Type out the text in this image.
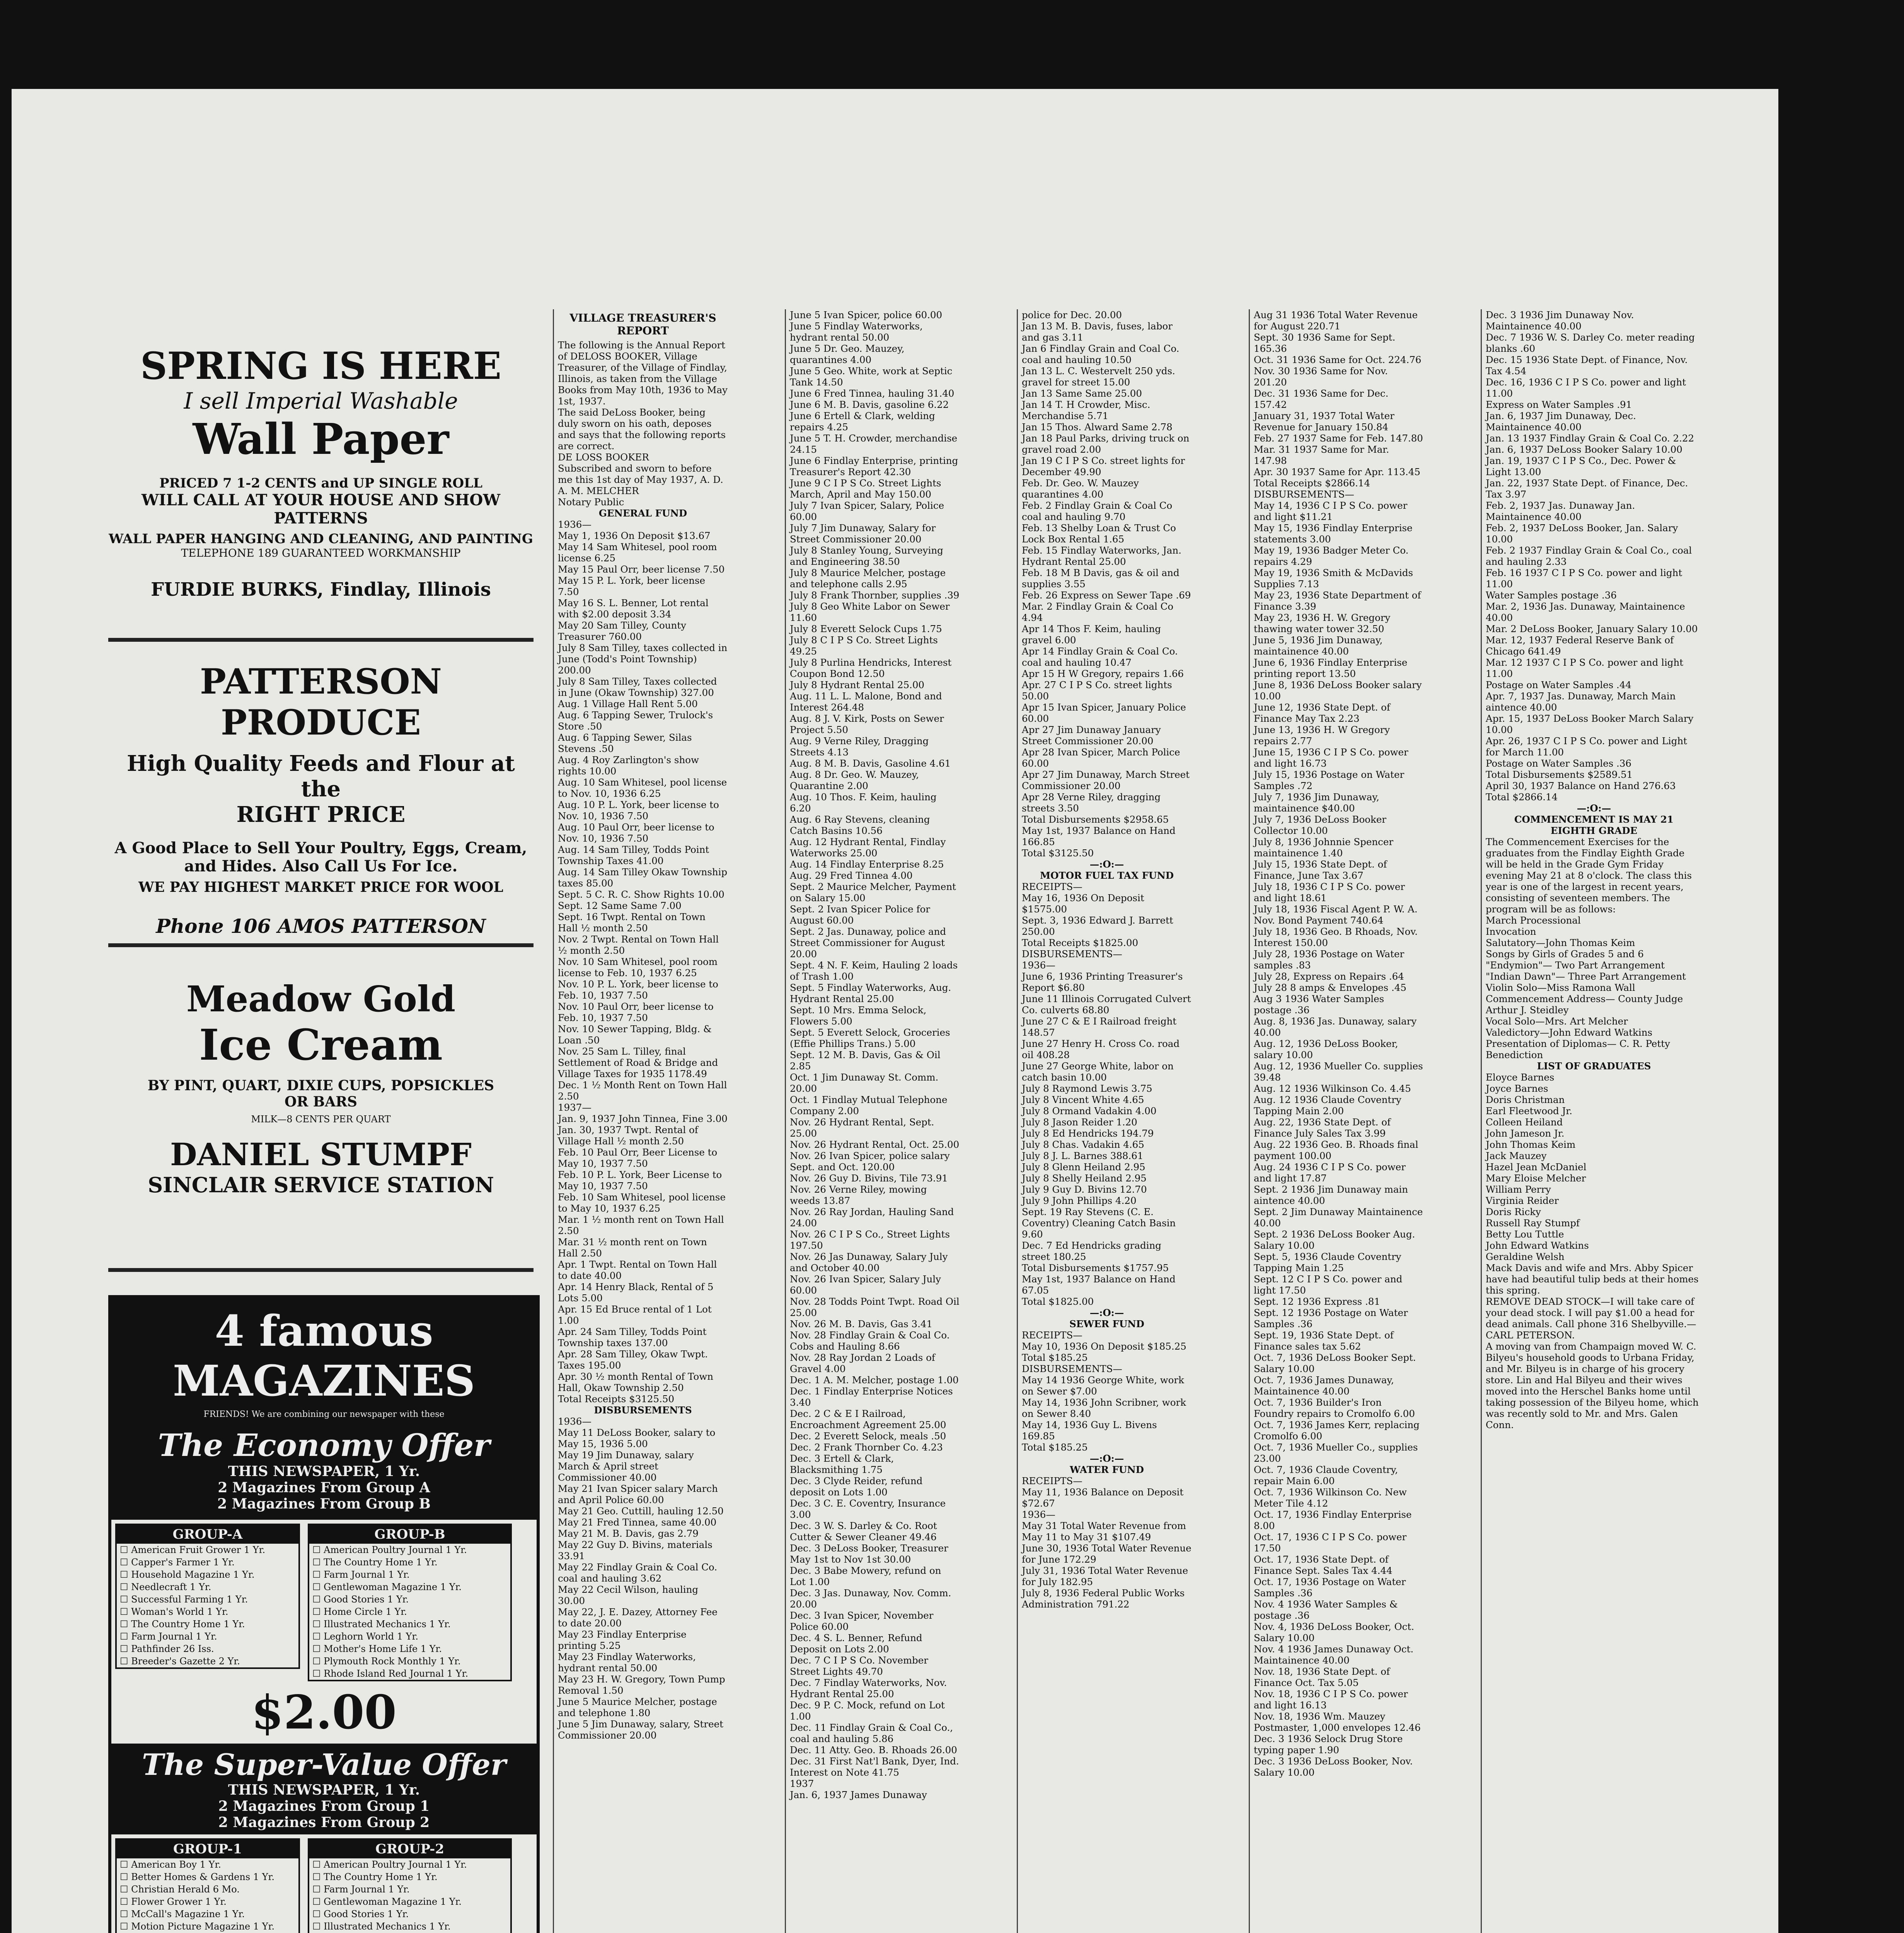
SPRING IS HERE
I sell Imperial Washable
Wall Paper
PRICED 7 1-2 CENTS and UP SINGLE ROLL
WILL CALL AT YOUR HOUSE AND SHOW PATTERNS
WALL PAPER HANGING AND CLEANING, AND PAINTING
TELEPHONE 189 GUARANTEED WORKMANSHIP
FURDIE BURKS, Findlay, Illinois
PATTERSON PRODUCE
High Quality Feeds and Flour at the
RIGHT PRICE
A Good Place to Sell Your Poultry, Eggs, Cream,
and Hides. Also Call Us For Ice.
WE PAY HIGHEST MARKET PRICE FOR WOOL
Phone 106 AMOS PATTERSON
Meadow Gold
Ice Cream
BY PINT, QUART, DIXIE CUPS, POPSICKLES
OR BARS
MILK—8 CENTS PER QUART
DANIEL STUMPF
SINCLAIR SERVICE STATION
4 famous MAGAZINES
FRIENDS! We are combining our newspaper with these
The Economy Offer
THIS NEWSPAPER, 1 Yr.
2 Magazines From Group A
2 Magazines From Group B
GROUP-A
☐ American Fruit Grower 1 Yr.
☐ Capper's Farmer 1 Yr.
☐ Household Magazine 1 Yr.
☐ Needlecraft 1 Yr.
☐ Successful Farming 1 Yr.
☐ Woman's World 1 Yr.
☐ The Country Home 1 Yr.
☐ Farm Journal 1 Yr.
☐ Pathfinder 26 Iss.
☐ Breeder's Gazette 2 Yr.
GROUP-B
☐ American Poultry Journal 1 Yr.
☐ The Country Home 1 Yr.
☐ Farm Journal 1 Yr.
☐ Gentlewoman Magazine 1 Yr.
☐ Good Stories 1 Yr.
☐ Home Circle 1 Yr.
☐ Illustrated Mechanics 1 Yr.
☐ Leghorn World 1 Yr.
☐ Mother's Home Life 1 Yr.
☐ Plymouth Rock Monthly 1 Yr.
☐ Rhode Island Red Journal 1 Yr.
$2.00
The Super-Value Offer
THIS NEWSPAPER, 1 Yr.
2 Magazines From Group 1
2 Magazines From Group 2
GROUP-1
☐ American Boy 1 Yr.
☐ Better Homes & Gardens 1 Yr.
☐ Christian Herald 6 Mo.
☐ Flower Grower 1 Yr.
☐ McCall's Magazine 1 Yr.
☐ Motion Picture Magazine 1 Yr.
GROUP-2
☐ American Poultry Journal 1 Yr.
☐ The Country Home 1 Yr.
☐ Farm Journal 1 Yr.
☐ Gentlewoman Magazine 1 Yr.
☐ Good Stories 1 Yr.
☐ Illustrated Mechanics 1 Yr.
VILLAGE TREASURER'S REPORT

The following is the Annual Report of DELOSS BOOKER, Village Treasurer, of the Village of Findlay, Illinois, as taken from the Village Books from May 10th, 1936 to May 1st, 1937.

The said DeLoss Booker, being duly sworn on his oath, deposes and says that the following reports are correct.

DE LOSS BOOKER

Subscribed and sworn to before me this 1st day of May 1937, A. D.

A. M. MELCHER

Notary Public

GENERAL FUND

1936—

May 1, 1936 On Deposit $13.67

May 14 Sam Whitesel, pool room license 6.25

May 15 Paul Orr, beer license 7.50

May 15 P. L. York, beer license 7.50

May 16 S. L. Benner, Lot rental with $2.00 deposit 3.34

May 20 Sam Tilley, County Treasurer 760.00

July 8 Sam Tilley, taxes collected in June (Todd's Point Township) 200.00

July 8 Sam Tilley, Taxes collected in June (Okaw Township) 327.00

Aug. 1 Village Hall Rent 5.00

Aug. 6 Tapping Sewer, Trulock's Store .50

Aug. 6 Tapping Sewer, Silas Stevens .50

Aug. 4 Roy Zarlington's show rights 10.00

Aug. 10 Sam Whitesel, pool license to Nov. 10, 1936 6.25

Aug. 10 P. L. York, beer license to Nov. 10, 1936 7.50

Aug. 10 Paul Orr, beer license to Nov. 10, 1936 7.50

Aug. 14 Sam Tilley, Todds Point Township Taxes 41.00

Aug. 14 Sam Tilley Okaw Township taxes 85.00

Sept. 5 C. R. C. Show Rights 10.00

Sept. 12 Same Same 7.00

Sept. 16 Twpt. Rental on Town Hall ½ month 2.50

Nov. 2 Twpt. Rental on Town Hall ½ month 2.50

Nov. 10 Sam Whitesel, pool room license to Feb. 10, 1937 6.25

Nov. 10 P. L. York, beer license to Feb. 10, 1937 7.50

Nov. 10 Paul Orr, beer license to Feb. 10, 1937 7.50

Nov. 10 Sewer Tapping, Bldg. & Loan .50

Nov. 25 Sam L. Tilley, final Settlement of Road & Bridge and Village Taxes for 1935 1178.49

Dec. 1 ½ Month Rent on Town Hall 2.50

1937—

Jan. 9, 1937 John Tinnea, Fine 3.00

Jan. 30, 1937 Twpt. Rental of Village Hall ½ month 2.50

Feb. 10 Paul Orr, Beer License to May 10, 1937 7.50

Feb. 10 P. L. York, Beer License to May 10, 1937 7.50

Feb. 10 Sam Whitesel, pool license to May 10, 1937 6.25

Mar. 1 ½ month rent on Town Hall 2.50

Mar. 31 ½ month rent on Town Hall 2.50

Apr. 1 Twpt. Rental on Town Hall to date 40.00

Apr. 14 Henry Black, Rental of 5 Lots 5.00

Apr. 15 Ed Bruce rental of 1 Lot 1.00

Apr. 24 Sam Tilley, Todds Point Township taxes 137.00

Apr. 28 Sam Tilley, Okaw Twpt. Taxes 195.00

Apr. 30 ½ month Rental of Town Hall, Okaw Township 2.50

Total Receipts $3125.50

DISBURSEMENTS

1936—

May 11 DeLoss Booker, salary to May 15, 1936 5.00

May 19 Jim Dunaway, salary March & April street Commissioner 40.00

May 21 Ivan Spicer salary March and April Police 60.00

May 21 Geo. Cuttill, hauling 12.50

May 21 Fred Tinnea, same 40.00

May 21 M. B. Davis, gas 2.79

May 22 Guy D. Bivins, materials 33.91

May 22 Findlay Grain & Coal Co. coal and hauling 3.62

May 22 Cecil Wilson, hauling 30.00

May 22, J. E. Dazey, Attorney Fee to date 20.00

May 23 Findlay Enterprise printing 5.25

May 23 Findlay Waterworks, hydrant rental 50.00

May 23 H. W. Gregory, Town Pump Removal 1.50

June 5 Maurice Melcher, postage and telephone 1.80

June 5 Jim Dunaway, salary, Street Commissioner 20.00

June 5 Ivan Spicer, police 60.00

June 5 Findlay Waterworks, hydrant rental 50.00

June 5 Dr. Geo. Mauzey, quarantines 4.00

June 5 Geo. White, work at Septic Tank 14.50

June 6 Fred Tinnea, hauling 31.40

June 6 M. B. Davis, gasoline 6.22

June 6 Ertell & Clark, welding repairs 4.25

June 5 T. H. Crowder, merchandise 24.15

June 6 Findlay Enterprise, printing Treasurer's Report 42.30

June 9 C I P S Co. Street Lights March, April and May 150.00

July 7 Ivan Spicer, Salary, Police 60.00

July 7 Jim Dunaway, Salary for Street Commissioner 20.00

July 8 Stanley Young, Surveying and Engineering 38.50

July 8 Maurice Melcher, postage and telephone calls 2.95

July 8 Frank Thornber, supplies .39

July 8 Geo White Labor on Sewer 11.60

July 8 Everett Selock Cups 1.75

July 8 C I P S Co. Street Lights 49.25

July 8 Purlina Hendricks, Interest Coupon Bond 12.50

July 8 Hydrant Rental 25.00

Aug. 11 L. L. Malone, Bond and Interest 264.48

Aug. 8 J. V. Kirk, Posts on Sewer Project 5.50

Aug. 9 Verne Riley, Dragging Streets 4.13

Aug. 8 M. B. Davis, Gasoline 4.61

Aug. 8 Dr. Geo. W. Mauzey, Quarantine 2.00

Aug. 10 Thos. F. Keim, hauling 6.20

Aug. 6 Ray Stevens, cleaning Catch Basins 10.56

Aug. 12 Hydrant Rental, Findlay Waterworks 25.00

Aug. 14 Findlay Enterprise 8.25

Aug. 29 Fred Tinnea 4.00

Sept. 2 Maurice Melcher, Payment on Salary 15.00

Sept. 2 Ivan Spicer Police for August 60.00

Sept. 2 Jas. Dunaway, police and Street Commissioner for August 20.00

Sept. 4 N. F. Keim, Hauling 2 loads of Trash 1.00

Sept. 5 Findlay Waterworks, Aug. Hydrant Rental 25.00

Sept. 10 Mrs. Emma Selock, Flowers 5.00

Sept. 5 Everett Selock, Groceries (Effie Phillips Trans.) 5.00

Sept. 12 M. B. Davis, Gas & Oil 2.85

Oct. 1 Jim Dunaway St. Comm. 20.00

Oct. 1 Findlay Mutual Telephone Company 2.00

Nov. 26 Hydrant Rental, Sept. 25.00

Nov. 26 Hydrant Rental, Oct. 25.00

Nov. 26 Ivan Spicer, police salary Sept. and Oct. 120.00

Nov. 26 Guy D. Bivins, Tile 73.91

Nov. 26 Verne Riley, mowing weeds 13.87

Nov. 26 Ray Jordan, Hauling Sand 24.00

Nov. 26 C I P S Co., Street Lights 197.50

Nov. 26 Jas Dunaway, Salary July and October 40.00

Nov. 26 Ivan Spicer, Salary July 60.00

Nov. 28 Todds Point Twpt. Road Oil 25.00

Nov. 26 M. B. Davis, Gas 3.41

Nov. 28 Findlay Grain & Coal Co. Cobs and Hauling 8.66

Nov. 28 Ray Jordan 2 Loads of Gravel 4.00

Dec. 1 A. M. Melcher, postage 1.00

Dec. 1 Findlay Enterprise Notices 3.40

Dec. 2 C & E I Railroad, Encroachment Agreement 25.00

Dec. 2 Everett Selock, meals .50

Dec. 2 Frank Thornber Co. 4.23

Dec. 3 Ertell & Clark, Blacksmithing 1.75

Dec. 3 Clyde Reider, refund deposit on Lots 1.00

Dec. 3 C. E. Coventry, Insurance 3.00

Dec. 3 W. S. Darley & Co. Root Cutter & Sewer Cleaner 49.46

Dec. 3 DeLoss Booker, Treasurer May 1st to Nov 1st 30.00

Dec. 3 Babe Mowery, refund on Lot 1.00

Dec. 3 Jas. Dunaway, Nov. Comm. 20.00

Dec. 3 Ivan Spicer, November Police 60.00

Dec. 4 S. L. Benner, Refund Deposit on Lots 2.00

Dec. 7 C I P S Co. November Street Lights 49.70

Dec. 7 Findlay Waterworks, Nov. Hydrant Rental 25.00

Dec. 9 P. C. Mock, refund on Lot 1.00

Dec. 11 Findlay Grain & Coal Co., coal and hauling 5.86

Dec. 11 Atty. Geo. B. Rhoads 26.00

Dec. 31 First Nat'l Bank, Dyer, Ind. Interest on Note 41.75

1937

Jan. 6, 1937 James Dunaway

police for Dec. 20.00

Jan 13 M. B. Davis, fuses, labor and gas 3.11

Jan 6 Findlay Grain and Coal Co. coal and hauling 10.50

Jan 13 L. C. Westervelt 250 yds. gravel for street 15.00

Jan 13 Same Same 25.00

Jan 14 T. H Crowder, Misc. Merchandise 5.71

Jan 15 Thos. Alward Same 2.78

Jan 18 Paul Parks, driving truck on gravel road 2.00

Jan 19 C I P S Co. street lights for December 49.90

Feb. Dr. Geo. W. Mauzey quarantines 4.00

Feb. 2 Findlay Grain & Coal Co coal and hauling 9.70

Feb. 13 Shelby Loan & Trust Co Lock Box Rental 1.65

Feb. 15 Findlay Waterworks, Jan. Hydrant Rental 25.00

Feb. 18 M B Davis, gas & oil and supplies 3.55

Feb. 26 Express on Sewer Tape .69

Mar. 2 Findlay Grain & Coal Co 4.94

Apr 14 Thos F. Keim, hauling gravel 6.00

Apr 14 Findlay Grain & Coal Co. coal and hauling 10.47

Apr 15 H W Gregory, repairs 1.66

Apr. 27 C I P S Co. street lights 50.00

Apr 15 Ivan Spicer, January Police 60.00

Apr 27 Jim Dunaway January Street Commissioner 20.00

Apr 28 Ivan Spicer, March Police 60.00

Apr 27 Jim Dunaway, March Street Commissioner 20.00

Apr 28 Verne Riley, dragging streets 3.50

Total Disbursements $2958.65

May 1st, 1937 Balance on Hand 166.85

Total $3125.50

—:O:—

MOTOR FUEL TAX FUND

RECEIPTS—

May 16, 1936 On Deposit $1575.00

Sept. 3, 1936 Edward J. Barrett 250.00

Total Receipts $1825.00

DISBURSEMENTS—

1936—

June 6, 1936 Printing Treasurer's Report $6.80

June 11 Illinois Corrugated Culvert Co. culverts 68.80

June 27 C & E I Railroad freight 148.57

June 27 Henry H. Cross Co. road oil 408.28

June 27 George White, labor on catch basin 10.00

July 8 Raymond Lewis 3.75

July 8 Vincent White 4.65

July 8 Ormand Vadakin 4.00

July 8 Jason Reider 1.20

July 8 Ed Hendricks 194.79

July 8 Chas. Vadakin 4.65

July 8 J. L. Barnes 388.61

July 8 Glenn Heiland 2.95

July 8 Shelly Heiland 2.95

July 9 Guy D. Bivins 12.70

July 9 John Phillips 4.20

Sept. 19 Ray Stevens (C. E. Coventry) Cleaning Catch Basin 9.60

Dec. 7 Ed Hendricks grading street 180.25

Total Disbursements $1757.95

May 1st, 1937 Balance on Hand 67.05

Total $1825.00

—:O:—

SEWER FUND

RECEIPTS—

May 10, 1936 On Deposit $185.25

Total $185.25

DISBURSEMENTS—

May 14 1936 George White, work on Sewer $7.00

May 14, 1936 John Scribner, work on Sewer 8.40

May 14, 1936 Guy L. Bivens 169.85

Total $185.25

—:O:—

WATER FUND

RECEIPTS—

May 11, 1936 Balance on Deposit $72.67

1936—

May 31 Total Water Revenue from May 11 to May 31 $107.49

June 30, 1936 Total Water Revenue for June 172.29

July 31, 1936 Total Water Revenue for July 182.95

July 8, 1936 Federal Public Works Administration 791.22

Aug 31 1936 Total Water Revenue for August 220.71

Sept. 30 1936 Same for Sept. 165.36

Oct. 31 1936 Same for Oct. 224.76

Nov. 30 1936 Same for Nov. 201.20

Dec. 31 1936 Same for Dec. 157.42

January 31, 1937 Total Water Revenue for January 150.84

Feb. 27 1937 Same for Feb. 147.80

Mar. 31 1937 Same for Mar. 147.98

Apr. 30 1937 Same for Apr. 113.45

Total Receipts $2866.14

DISBURSEMENTS—

May 14, 1936 C I P S Co. power and light $11.21

May 15, 1936 Findlay Enterprise statements 3.00

May 19, 1936 Badger Meter Co. repairs 4.29

May 19, 1936 Smith & McDavids Supplies 7.13

May 23, 1936 State Department of Finance 3.39

May 23, 1936 H. W. Gregory thawing water tower 32.50

June 5, 1936 Jim Dunaway, maintainence 40.00

June 6, 1936 Findlay Enterprise printing report 13.50

June 8, 1936 DeLoss Booker salary 10.00

June 12, 1936 State Dept. of Finance May Tax 2.23

June 13, 1936 H. W Gregory repairs 2.77

June 15, 1936 C I P S Co. power and light 16.73

July 15, 1936 Postage on Water Samples .72

July 7, 1936 Jim Dunaway, maintainence $40.00

July 7, 1936 DeLoss Booker Collector 10.00

July 8, 1936 Johnnie Spencer maintainence 1.40

July 15, 1936 State Dept. of Finance, June Tax 3.67

July 18, 1936 C I P S Co. power and light 18.61

July 18, 1936 Fiscal Agent P. W. A. Nov. Bond Payment 740.64

July 18, 1936 Geo. B Rhoads, Nov. Interest 150.00

July 28, 1936 Postage on Water samples .83

July 28, Express on Repairs .64

July 28 8 amps & Envelopes .45

Aug 3 1936 Water Samples postage .36

Aug. 8, 1936 Jas. Dunaway, salary 40.00

Aug. 12, 1936 DeLoss Booker, salary 10.00

Aug. 12, 1936 Mueller Co. supplies 39.48

Aug. 12 1936 Wilkinson Co. 4.45

Aug. 12 1936 Claude Coventry Tapping Main 2.00

Aug. 22, 1936 State Dept. of Finance July Sales Tax 3.99

Aug. 22 1936 Geo. B. Rhoads final payment 100.00

Aug. 24 1936 C I P S Co. power and light 17.87

Sept. 2 1936 Jim Dunaway main aintence 40.00

Sept. 2 Jim Dunaway Maintainence 40.00

Sept. 2 1936 DeLoss Booker Aug. Salary 10.00

Sept. 5, 1936 Claude Coventry Tapping Main 1.25

Sept. 12 C I P S Co. power and light 17.50

Sept. 12 1936 Express .81

Sept. 12 1936 Postage on Water Samples .36

Sept. 19, 1936 State Dept. of Finance sales tax 5.62

Oct. 7, 1936 DeLoss Booker Sept. Salary 10.00

Oct. 7, 1936 James Dunaway, Maintainence 40.00

Oct. 7, 1936 Builder's Iron Foundry repairs to Cromolfo 6.00

Oct. 7, 1936 James Kerr, replacing Cromolfo 6.00

Oct. 7, 1936 Mueller Co., supplies 23.00

Oct. 7, 1936 Claude Coventry, repair Main 6.00

Oct. 7, 1936 Wilkinson Co. New Meter Tile 4.12

Oct. 17, 1936 Findlay Enterprise 8.00

Oct. 17, 1936 C I P S Co. power 17.50

Oct. 17, 1936 State Dept. of Finance Sept. Sales Tax 4.44

Oct. 17, 1936 Postage on Water Samples .36

Nov. 4 1936 Water Samples & postage .36

Nov. 4, 1936 DeLoss Booker, Oct. Salary 10.00

Nov. 4 1936 James Dunaway Oct. Maintainence 40.00

Nov. 18, 1936 State Dept. of Finance Oct. Tax 5.05

Nov. 18, 1936 C I P S Co. power and light 16.13

Nov. 18, 1936 Wm. Mauzey Postmaster, 1,000 envelopes 12.46

Dec. 3 1936 Selock Drug Store typing paper 1.90

Dec. 3 1936 DeLoss Booker, Nov. Salary 10.00

Dec. 3 1936 Jim Dunaway Nov. Maintainence 40.00

Dec. 7 1936 W. S. Darley Co. meter reading blanks .60

Dec. 15 1936 State Dept. of Finance, Nov. Tax 4.54

Dec. 16, 1936 C I P S Co. power and light 11.00

Express on Water Samples .91

Jan. 6, 1937 Jim Dunaway, Dec. Maintainence 40.00

Jan. 13 1937 Findlay Grain & Coal Co. 2.22

Jan. 6, 1937 DeLoss Booker Salary 10.00

Jan. 19, 1937 C I P S Co., Dec. Power & Light 13.00

Jan. 22, 1937 State Dept. of Finance, Dec. Tax 3.97

Feb. 2, 1937 Jas. Dunaway Jan. Maintainence 40.00

Feb. 2, 1937 DeLoss Booker, Jan. Salary 10.00

Feb. 2 1937 Findlay Grain & Coal Co., coal and hauling 2.33

Feb. 16 1937 C I P S Co. power and light 11.00

Water Samples postage .36

Mar. 2, 1936 Jas. Dunaway, Maintainence 40.00

Mar. 2 DeLoss Booker, January Salary 10.00

Mar. 12, 1937 Federal Reserve Bank of Chicago 641.49

Mar. 12 1937 C I P S Co. power and light 11.00

Postage on Water Samples .44

Apr. 7, 1937 Jas. Dunaway, March Main aintence 40.00

Apr. 15, 1937 DeLoss Booker March Salary 10.00

Apr. 26, 1937 C I P S Co. power and Light for March 11.00

Postage on Water Samples .36

Total Disbursements $2589.51

April 30, 1937 Balance on Hand 276.63

Total $2866.14

—:O:—

COMMENCEMENT IS MAY 21

EIGHTH GRADE

The Commencement Exercises for the graduates from the Findlay Eighth Grade will be held in the Grade Gym Friday evening May 21 at 8 o'clock. The class this year is one of the largest in recent years, consisting of seventeen members. The program will be as follows:

March Processional

Invocation

Salutatory—John Thomas Keim

Songs by Girls of Grades 5 and 6 "Endymion"— Two Part Arrangement

"Indian Dawn"— Three Part Arrangement

Violin Solo—Miss Ramona Wall

Commencement Address— County Judge Arthur J. Steidley

Vocal Solo—Mrs. Art Melcher

Valedictory—John Edward Watkins

Presentation of Diplomas— C. R. Petty

Benediction

LIST OF GRADUATES

Eloyce Barnes

Joyce Barnes

Doris Christman

Earl Fleetwood Jr.

Colleen Heiland

John Jameson Jr.

John Thomas Keim

Jack Mauzey

Hazel Jean McDaniel

Mary Eloise Melcher

William Perry

Virginia Reider

Doris Ricky

Russell Ray Stumpf

Betty Lou Tuttle

John Edward Watkins

Geraldine Welsh

Mack Davis and wife and Mrs. Abby Spicer have had beautiful tulip beds at their homes this spring.

REMOVE DEAD STOCK—I will take care of your dead stock. I will pay $1.00 a head for dead animals. Call phone 316 Shelbyville.—CARL PETERSON.

A moving van from Champaign moved W. C. Bilyeu's household goods to Urbana Friday, and Mr. Bilyeu is in charge of his grocery store. Lin and Hal Bilyeu and their wives moved into the Herschel Banks home until taking possession of the Bilyeu home, which was recently sold to Mr. and Mrs. Galen Conn.
